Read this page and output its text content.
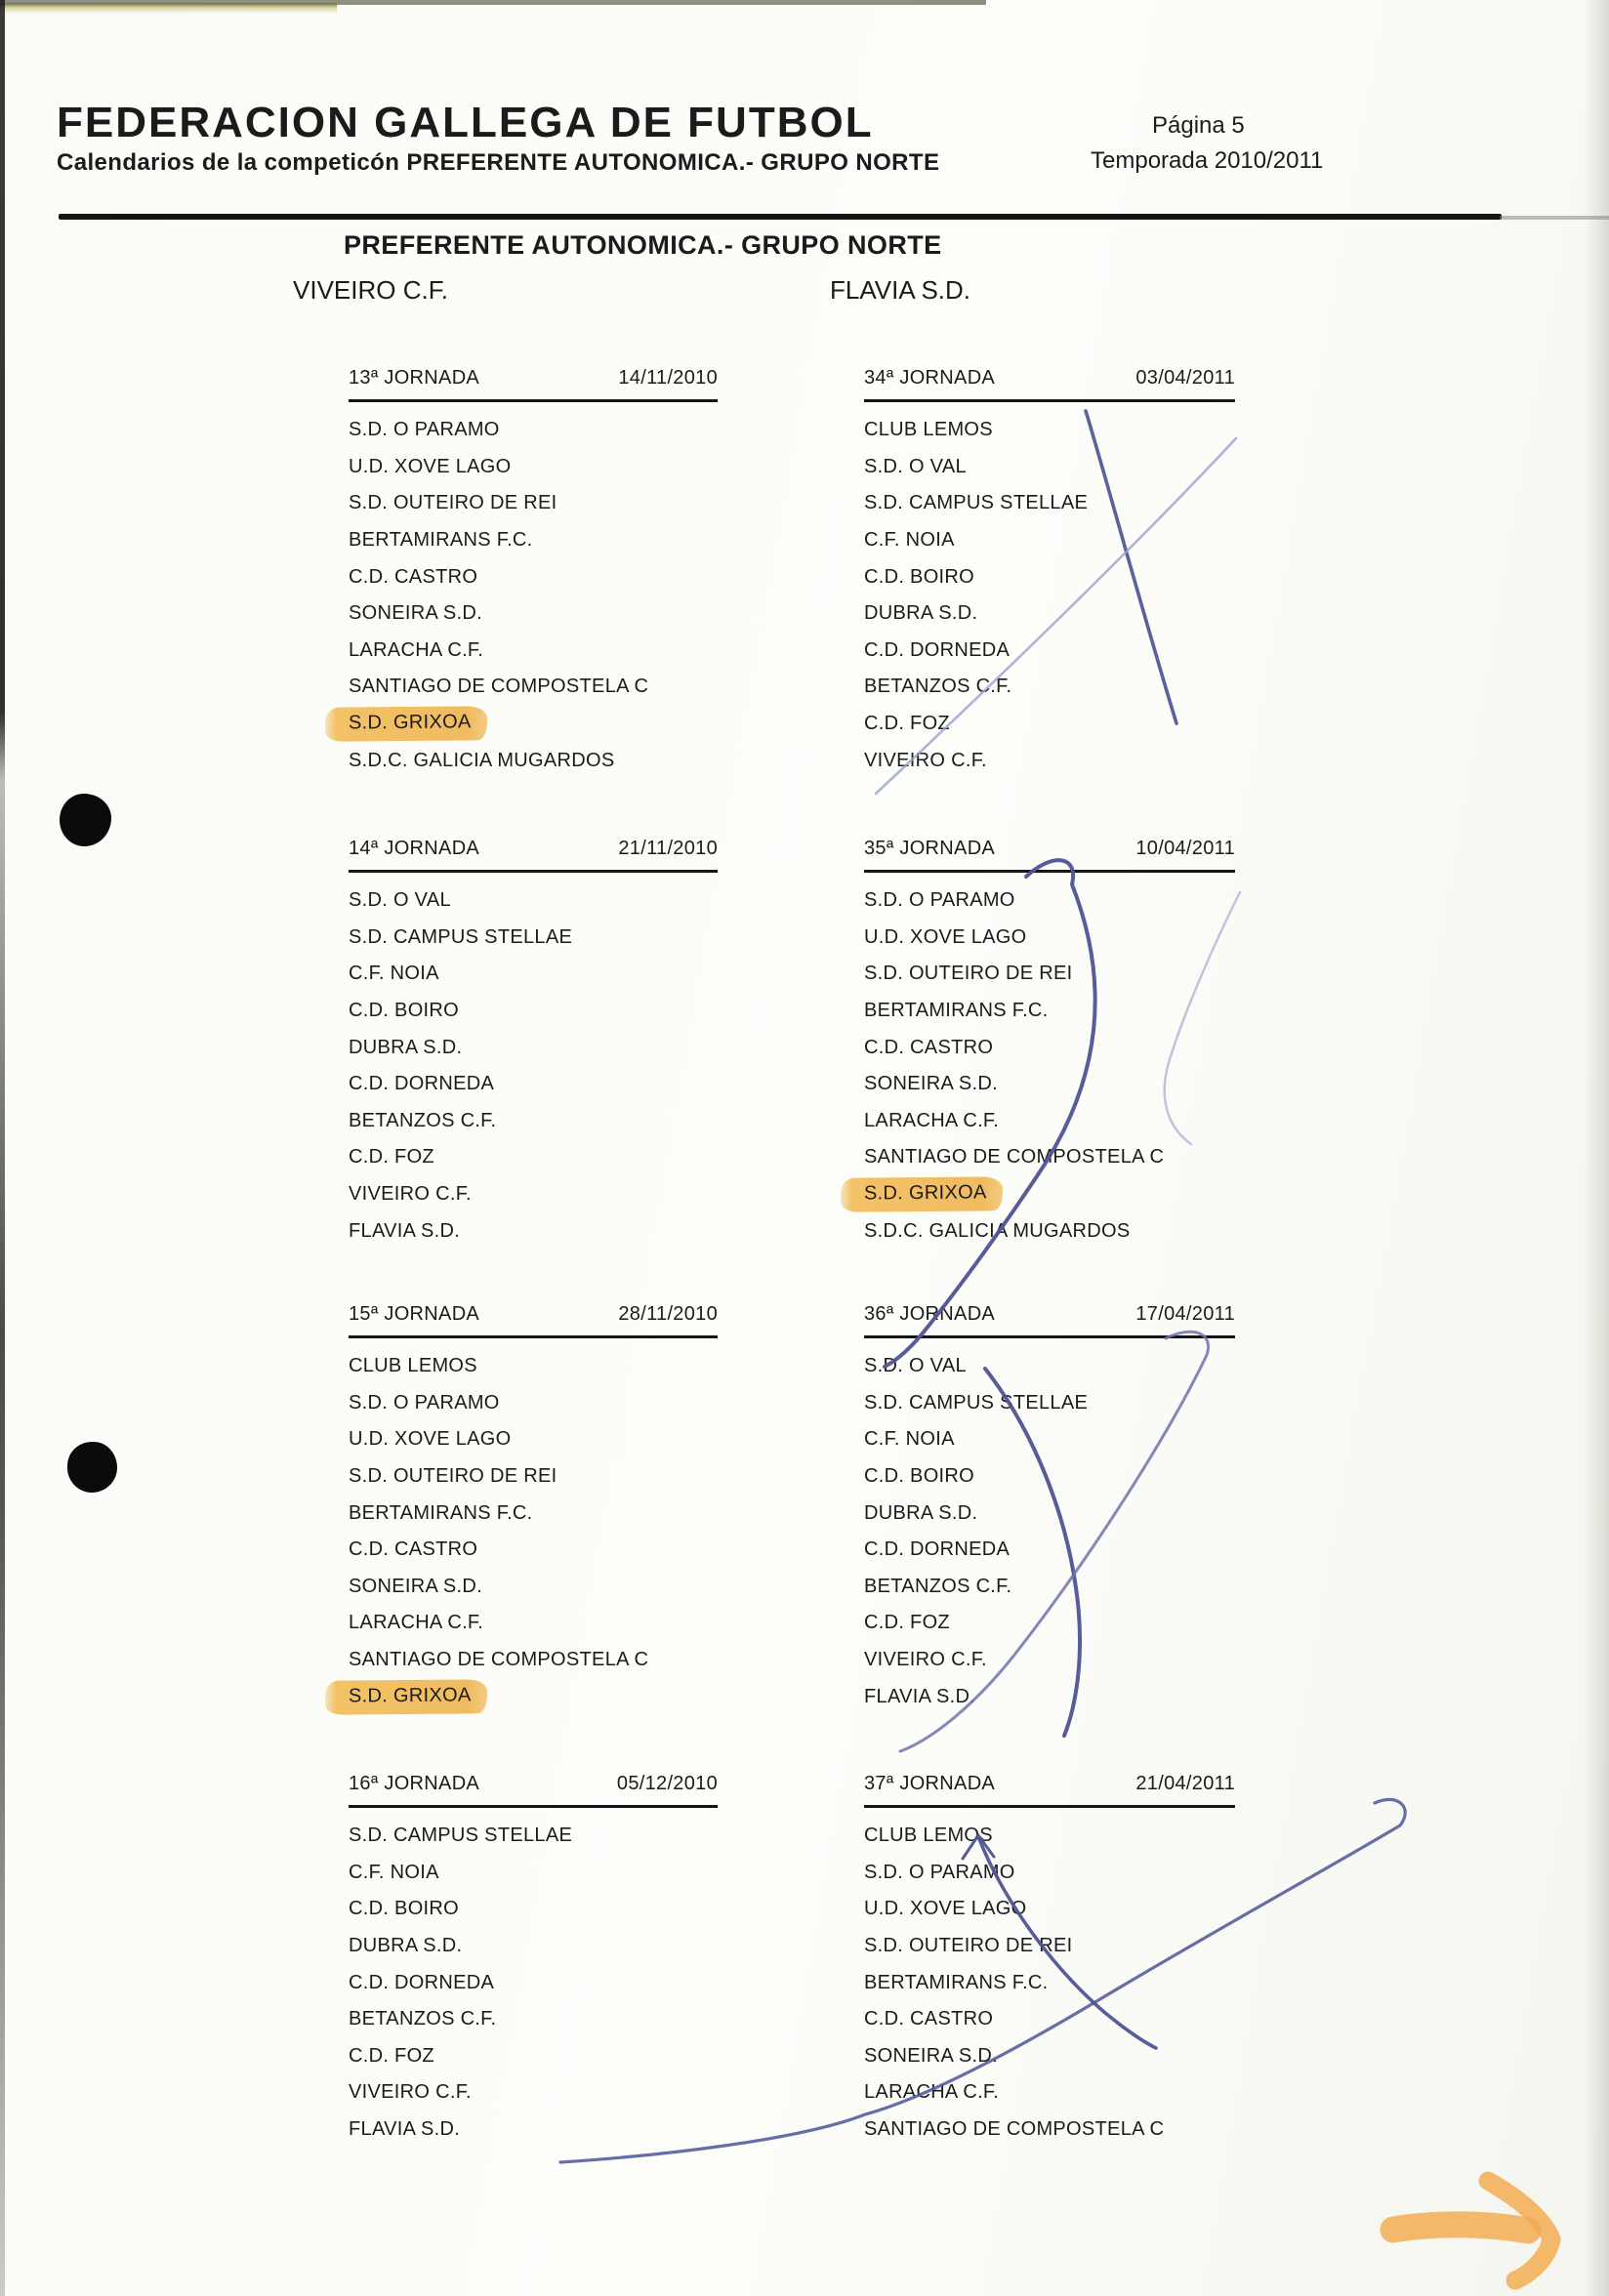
FEDERACION GALLEGA DE FUTBOL
Calendarios de la competicón PREFERENTE AUTONOMICA.- GRUPO NORTE
Página 5
Temporada 2010/2011
PREFERENTE AUTONOMICA.- GRUPO NORTE
VIVEIRO C.F.	FLAVIA S.D.
13ª JORNADA	14/11/2010
S.D. O PARAMO
U.D. XOVE LAGO
S.D. OUTEIRO DE REI
BERTAMIRANS F.C.
C.D. CASTRO
SONEIRA S.D.
LARACHA C.F.
SANTIAGO DE COMPOSTELA C
S.D. GRIXOA
S.D.C. GALICIA MUGARDOS
34ª JORNADA	03/04/2011
CLUB LEMOS
S.D. O VAL
S.D. CAMPUS STELLAE
C.F. NOIA
C.D. BOIRO
DUBRA S.D.
C.D. DORNEDA
BETANZOS C.F.
C.D. FOZ
VIVEIRO C.F.
14ª JORNADA	21/11/2010
S.D. O VAL
S.D. CAMPUS STELLAE
C.F. NOIA
C.D. BOIRO
DUBRA S.D.
C.D. DORNEDA
BETANZOS C.F.
C.D. FOZ
VIVEIRO C.F.
FLAVIA S.D.
35ª JORNADA	10/04/2011
S.D. O PARAMO
U.D. XOVE LAGO
S.D. OUTEIRO DE REI
BERTAMIRANS F.C.
C.D. CASTRO
SONEIRA S.D.
LARACHA C.F.
SANTIAGO DE COMPOSTELA C
S.D. GRIXOA
S.D.C. GALICIA MUGARDOS
15ª JORNADA	28/11/2010
CLUB LEMOS
S.D. O PARAMO
U.D. XOVE LAGO
S.D. OUTEIRO DE REI
BERTAMIRANS F.C.
C.D. CASTRO
SONEIRA S.D.
LARACHA C.F.
SANTIAGO DE COMPOSTELA C
S.D. GRIXOA
36ª JORNADA	17/04/2011
S.D. O VAL
S.D. CAMPUS STELLAE
C.F. NOIA
C.D. BOIRO
DUBRA S.D.
C.D. DORNEDA
BETANZOS C.F.
C.D. FOZ
VIVEIRO C.F.
FLAVIA S.D.
16ª JORNADA	05/12/2010
S.D. CAMPUS STELLAE
C.F. NOIA
C.D. BOIRO
DUBRA S.D.
C.D. DORNEDA
BETANZOS C.F.
C.D. FOZ
VIVEIRO C.F.
FLAVIA S.D.
37ª JORNADA	21/04/2011
CLUB LEMOS
S.D. O PARAMO
U.D. XOVE LAGO
S.D. OUTEIRO DE REI
BERTAMIRANS F.C.
C.D. CASTRO
SONEIRA S.D.
LARACHA C.F.
SANTIAGO DE COMPOSTELA C
